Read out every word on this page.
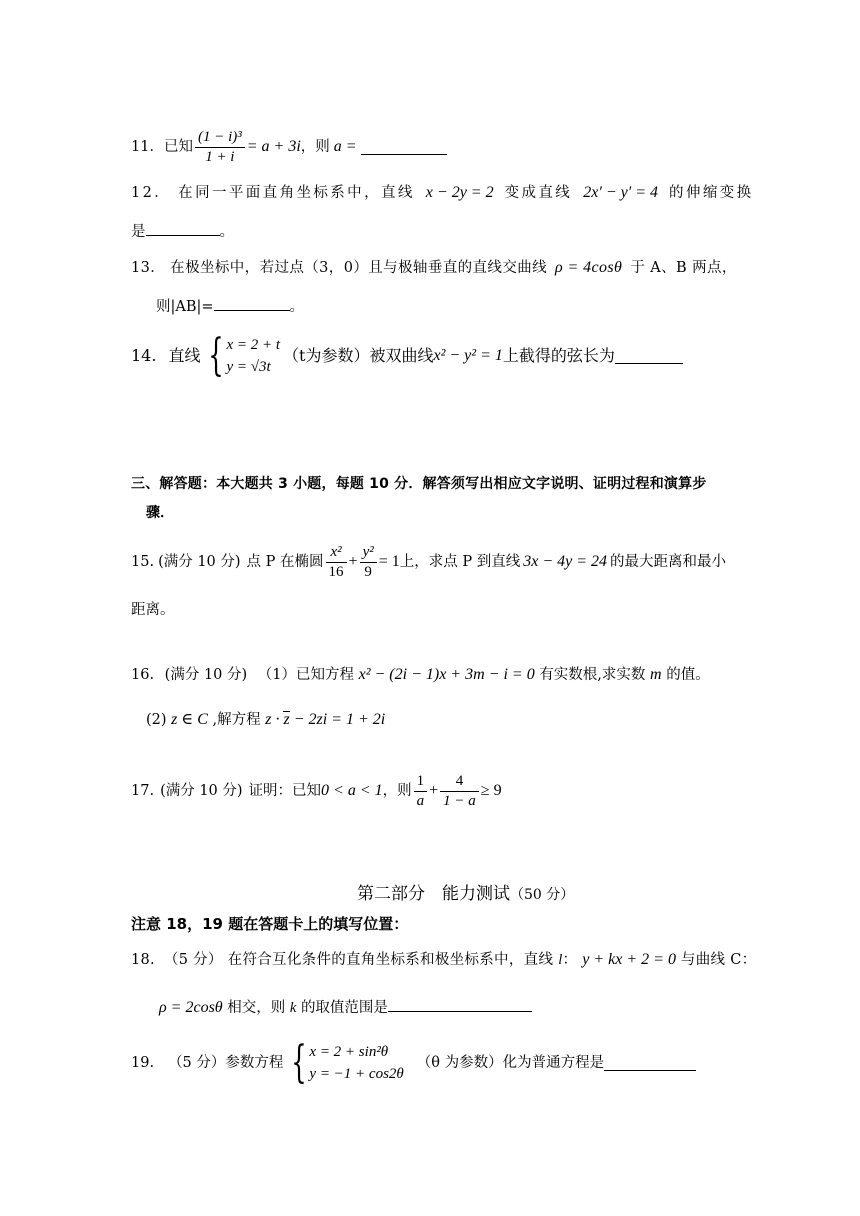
11． 已知 $\frac{\text{(1 − i)³}}{1 + i} = a + 3i$ ，则 a =
12． 在同一平面直角坐标系中，直线 x − 2y = 2 变成直线 2x′ − y′ = 4 的伸缩变换
是	。
13． 在极坐标中，若过点（3，0）且与极轴垂直的直线交曲线 ρ = 4cosθ 于 A、B 两点，
则|AB|=	。
14. 直线 { x = 2 + t
y = √3t
（t为参数）被双曲线 x² − y² = 1 上截得的弦长为
三、解答题：本大题共 3 小题，每题 10 分．解答须写出相应文字说明、证明过程和演算步
骤．
15. (满分 10 分) 点 P 在椭圆 $\frac{\text{x²}}{16} + \frac{\text{y²}}{9} = 1$ 上，求点 P 到直线 3x − 4y = 24 的最大距离和最小
距离。
16. (满分 10 分) （1）已知方程 x² − (2i − 1)x + 3m − i = 0 有实数根,求实数 m 的值。
(2) z ∈ C ,解方程 z · z − 2zi = 1 + 2i
17. (满分 10 分) 证明：已知 0 < a < 1 ，则 $\frac{1}{a} + \frac{4}{1 - a} \ge 9$
第二部分　能力测试（50 分）
注意 18，19 题在答题卡上的填写位置：
18. （5 分） 在符合互化条件的直角坐标系和极坐标系中，直线 l： y + kx + 2 = 0 与曲线 C：
ρ = 2cosθ 相交，则 k 的取值范围是
19. （5 分） 参数方程 { x = 2 + sin²θ
y = −1 + cos2θ
（θ 为参数）化为普通方程是
